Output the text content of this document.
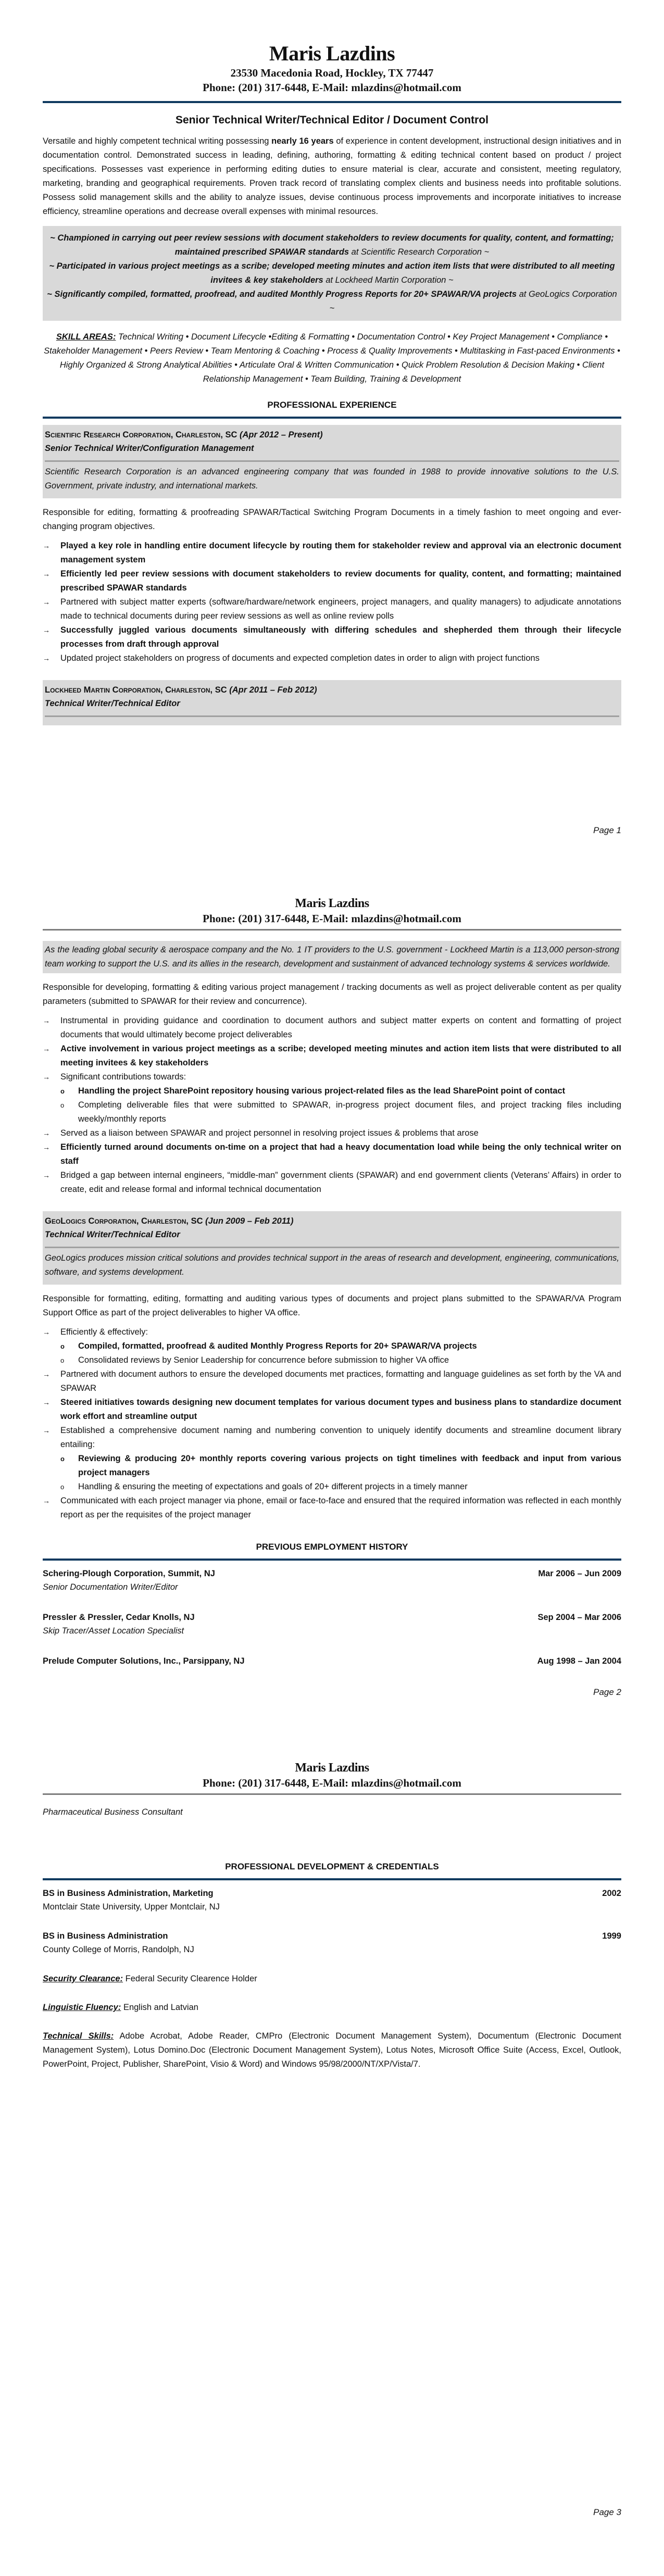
Maris Lazdins
23530 Macedonia Road, Hockley, TX 77447
Phone: (201) 317-6448, E-Mail: mlazdins@hotmail.com
Senior Technical Writer/Technical Editor / Document Control

Versatile and highly competent technical writing possessing nearly 16 years of experience in content development, instructional design initiatives and in documentation control. Demonstrated success in leading, defining, authoring, formatting & editing technical content based on product / project specifications. Possesses vast experience in performing editing duties to ensure material is clear, accurate and consistent, meeting regulatory, marketing, branding and geographical requirements. Proven track record of translating complex clients and business needs into profitable solutions. Possess solid management skills and the ability to analyze issues, devise continuous process improvements and incorporate initiatives to increase efficiency, streamline operations and decrease overall expenses with minimal resources.

~ Championed in carrying out peer review sessions with document stakeholders to review documents for quality, content, and formatting; maintained prescribed SPAWAR standards at Scientific Research Corporation ~
~ Participated in various project meetings as a scribe; developed meeting minutes and action item lists that were distributed to all meeting invitees & key stakeholders at Lockheed Martin Corporation ~
~ Significantly compiled, formatted, proofread, and audited Monthly Progress Reports for 20+ SPAWAR/VA projects at GeoLogics Corporation ~

SKILL AREAS: Technical Writing • Document Lifecycle •Editing & Formatting • Documentation Control • Key Project Management • Compliance • Stakeholder Management • Peers Review • Team Mentoring & Coaching • Process & Quality Improvements • Multitasking in Fast-paced Environments • Highly Organized & Strong Analytical Abilities • Articulate Oral & Written Communication • Quick Problem Resolution & Decision Making • Client Relationship Management • Team Building, Training & Development

PROFESSIONAL EXPERIENCE
Scientific Research Corporation, Charleston, SC (Apr 2012 – Present)
Senior Technical Writer/Configuration Management
Scientific Research Corporation is an advanced engineering company that was founded in 1988 to provide innovative solutions to the U.S. Government, private industry, and international markets.

Responsible for editing, formatting & proofreading SPAWAR/Tactical Switching Program Documents in a timely fashion to meet ongoing and ever-changing program objectives.

→ Played a key role in handling entire document lifecycle by routing them for stakeholder review and approval via an electronic document management system
→ Efficiently led peer review sessions with document stakeholders to review documents for quality, content, and formatting; maintained prescribed SPAWAR standards
→ Partnered with subject matter experts (software/hardware/network engineers, project managers, and quality managers) to adjudicate annotations made to technical documents during peer review sessions as well as online review polls
→ Successfully juggled various documents simultaneously with differing schedules and shepherded them through their lifecycle processes from draft through approval
→ Updated project stakeholders on progress of documents and expected completion dates in order to align with project functions
Lockheed Martin Corporation, Charleston, SC (Apr 2011 – Feb 2012)
Technical Writer/Technical Editor
Page 1
Maris Lazdins
Phone: (201) 317-6448, E-Mail: mlazdins@hotmail.com
As the leading global security & aerospace company and the No. 1 IT providers to the U.S. government - Lockheed Martin is a 113,000 person-strong team working to support the U.S. and its allies in the research, development and sustainment of advanced technology systems & services worldwide.

Responsible for developing, formatting & editing various project management / tracking documents as well as project deliverable content as per quality parameters (submitted to SPAWAR for their review and concurrence).

→ Instrumental in providing guidance and coordination to document authors and subject matter experts on content and formatting of project documents that would ultimately become project deliverables
→ Active involvement in various project meetings as a scribe; developed meeting minutes and action item lists that were distributed to all meeting invitees & key stakeholders
→ Significant contributions towards:
o Handling the project SharePoint repository housing various project-related files as the lead SharePoint point of contact
o Completing deliverable files that were submitted to SPAWAR, in-progress project document files, and project tracking files including weekly/monthly reports
→ Served as a liaison between SPAWAR and project personnel in resolving project issues & problems that arose
→ Efficiently turned around documents on-time on a project that had a heavy documentation load while being the only technical writer on staff
→ Bridged a gap between internal engineers, “middle-man” government clients (SPAWAR) and end government clients (Veterans’ Affairs) in order to create, edit and release formal and informal technical documentation
GeoLogics Corporation, Charleston, SC (Jun 2009 – Feb 2011)
Technical Writer/Technical Editor
GeoLogics produces mission critical solutions and provides technical support in the areas of research and development, engineering, communications, software, and systems development.

Responsible for formatting, editing, formatting and auditing various types of documents and project plans submitted to the SPAWAR/VA Program Support Office as part of the project deliverables to higher VA office.

→ Efficiently & effectively:
o Compiled, formatted, proofread & audited Monthly Progress Reports for 20+ SPAWAR/VA projects
o Consolidated reviews by Senior Leadership for concurrence before submission to higher VA office
→ Partnered with document authors to ensure the developed documents met practices, formatting and language guidelines as set forth by the VA and SPAWAR
→ Steered initiatives towards designing new document templates for various document types and business plans to standardize document work effort and streamline output
→ Established a comprehensive document naming and numbering convention to uniquely identify documents and streamline document library entailing:
o Reviewing & producing 20+ monthly reports covering various projects on tight timelines with feedback and input from various project managers
o Handling & ensuring the meeting of expectations and goals of 20+ different projects in a timely manner
→ Communicated with each project manager via phone, email or face-to-face and ensured that the required information was reflected in each monthly report as per the requisites of the project manager
PREVIOUS EMPLOYMENT HISTORY
Schering-Plough Corporation, Summit, NJ	Mar 2006 – Jun 2009
Senior Documentation Writer/Editor
Pressler & Pressler, Cedar Knolls, NJ	Sep 2004 – Mar 2006
Skip Tracer/Asset Location Specialist
Prelude Computer Solutions, Inc., Parsippany, NJ	Aug 1998 – Jan 2004
Page 2
Maris Lazdins
Phone: (201) 317-6448, E-Mail: mlazdins@hotmail.com
Pharmaceutical Business Consultant
PROFESSIONAL DEVELOPMENT & CREDENTIALS
BS in Business Administration, Marketing	2002
Montclair State University, Upper Montclair, NJ
BS in Business Administration	1999
County College of Morris, Randolph, NJ

Security Clearance: Federal Security Clearence Holder

Linguistic Fluency: English and Latvian

Technical Skills: Adobe Acrobat, Adobe Reader, CMPro (Electronic Document Management System), Documentum (Electronic Document Management System), Lotus Domino.Doc (Electronic Document Management System), Lotus Notes, Microsoft Office Suite (Access, Excel, Outlook, PowerPoint, Project, Publisher, SharePoint, Visio & Word) and Windows 95/98/2000/NT/XP/Vista/7.

Page 3
